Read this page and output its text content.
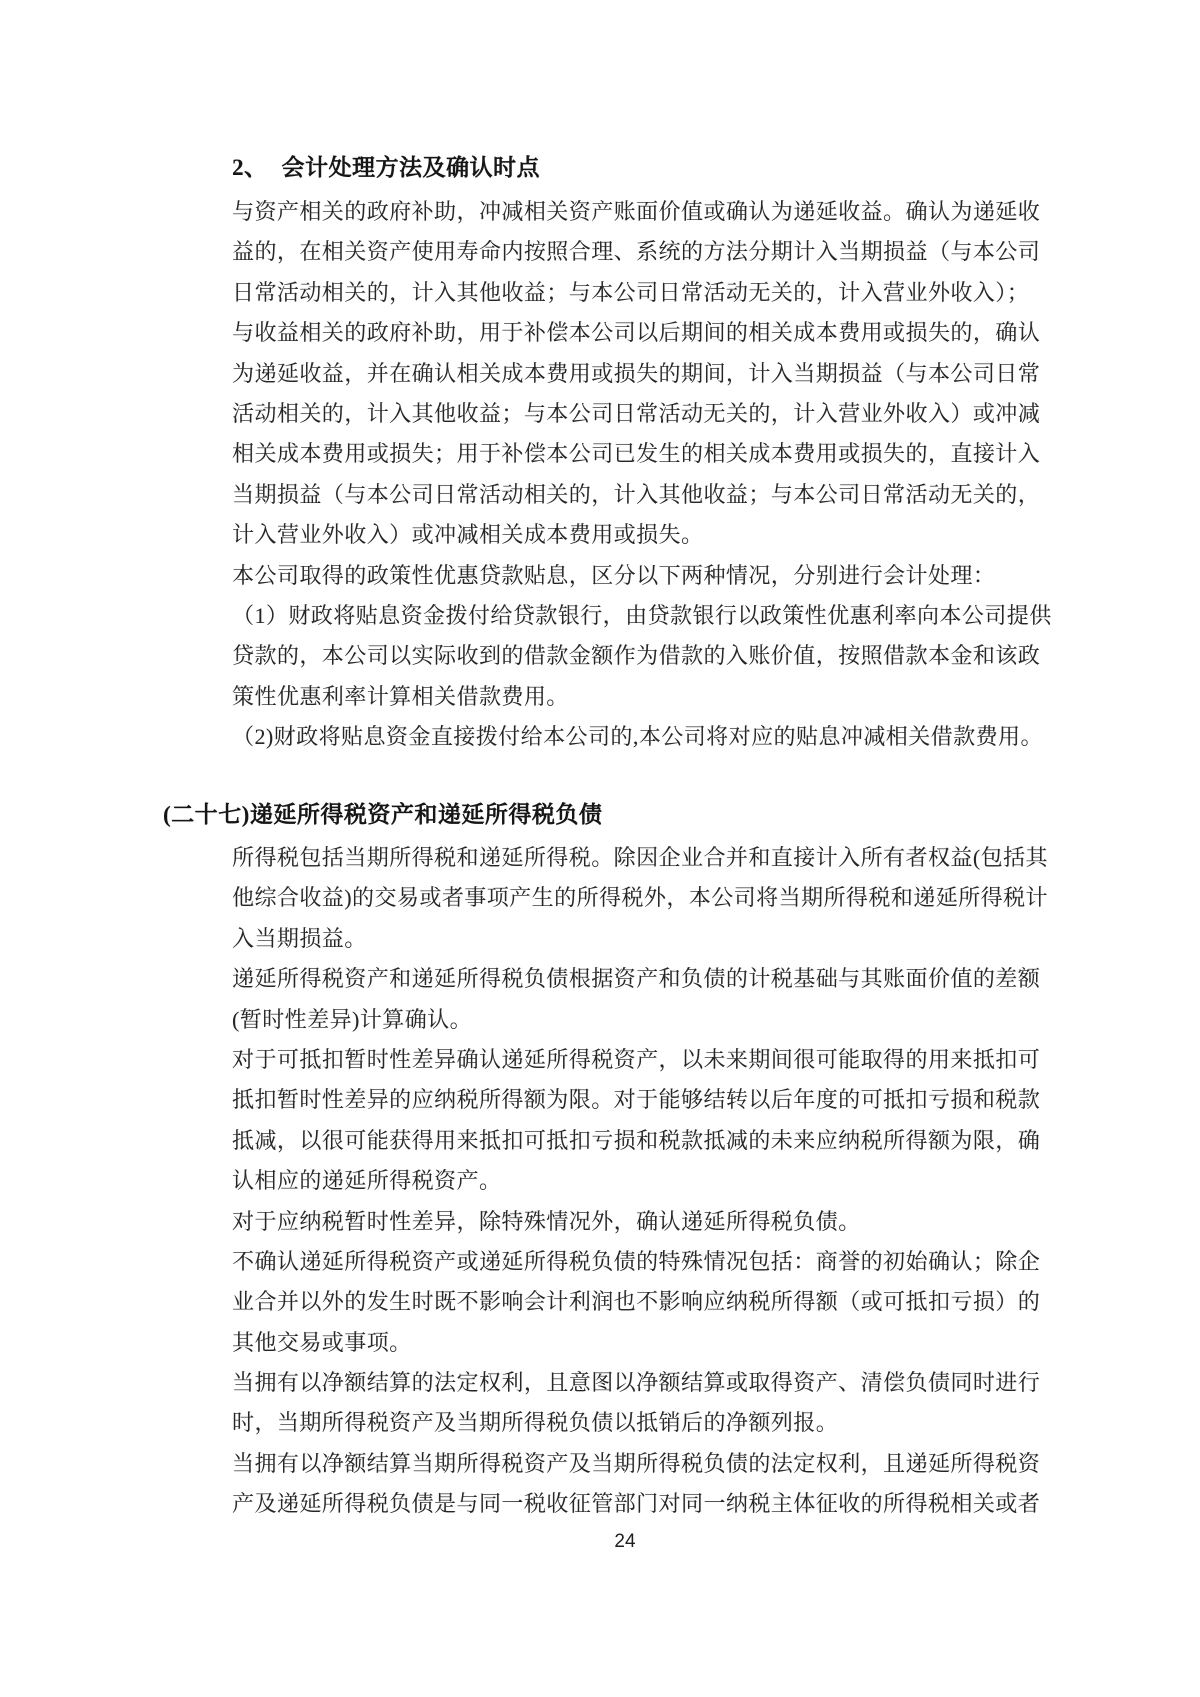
2、 会计处理方法及确认时点
与资产相关的政府补助，冲减相关资产账面价值或确认为递延收益。确认为递延收
益的，在相关资产使用寿命内按照合理、系统的方法分期计入当期损益（与本公司
日常活动相关的，计入其他收益；与本公司日常活动无关的，计入营业外收入）；
与收益相关的政府补助，用于补偿本公司以后期间的相关成本费用或损失的，确认
为递延收益，并在确认相关成本费用或损失的期间，计入当期损益（与本公司日常
活动相关的，计入其他收益；与本公司日常活动无关的，计入营业外收入）或冲减
相关成本费用或损失；用于补偿本公司已发生的相关成本费用或损失的，直接计入
当期损益（与本公司日常活动相关的，计入其他收益；与本公司日常活动无关的，
计入营业外收入）或冲减相关成本费用或损失。
本公司取得的政策性优惠贷款贴息，区分以下两种情况，分别进行会计处理：
（1）财政将贴息资金拨付给贷款银行，由贷款银行以政策性优惠利率向本公司提供
贷款的，本公司以实际收到的借款金额作为借款的入账价值，按照借款本金和该政
策性优惠利率计算相关借款费用。
（2)财政将贴息资金直接拨付给本公司的,本公司将对应的贴息冲减相关借款费用。
(二十七)递延所得税资产和递延所得税负债
所得税包括当期所得税和递延所得税。除因企业合并和直接计入所有者权益(包括其
他综合收益)的交易或者事项产生的所得税外，本公司将当期所得税和递延所得税计
入当期损益。
递延所得税资产和递延所得税负债根据资产和负债的计税基础与其账面价值的差额
(暂时性差异)计算确认。
对于可抵扣暂时性差异确认递延所得税资产，以未来期间很可能取得的用来抵扣可
抵扣暂时性差异的应纳税所得额为限。对于能够结转以后年度的可抵扣亏损和税款
抵减，以很可能获得用来抵扣可抵扣亏损和税款抵减的未来应纳税所得额为限，确
认相应的递延所得税资产。
对于应纳税暂时性差异，除特殊情况外，确认递延所得税负债。
不确认递延所得税资产或递延所得税负债的特殊情况包括：商誉的初始确认；除企
业合并以外的发生时既不影响会计利润也不影响应纳税所得额（或可抵扣亏损）的
其他交易或事项。
当拥有以净额结算的法定权利，且意图以净额结算或取得资产、清偿负债同时进行
时，当期所得税资产及当期所得税负债以抵销后的净额列报。
当拥有以净额结算当期所得税资产及当期所得税负债的法定权利，且递延所得税资
产及递延所得税负债是与同一税收征管部门对同一纳税主体征收的所得税相关或者
24
